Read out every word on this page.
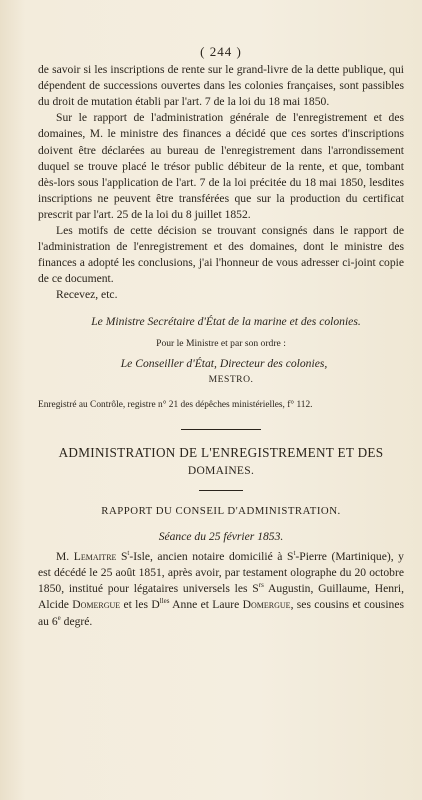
( 244 )

de savoir si les inscriptions de rente sur le grand-livre de la dette publique, qui dépendent de successions ouvertes dans les colonies françaises, sont passibles du droit de mutation établi par l'art. 7 de la loi du 18 mai 1850.

Sur le rapport de l'administration générale de l'enregistrement et des domaines, M. le ministre des finances a décidé que ces sortes d'inscriptions doivent être déclarées au bureau de l'enregistrement dans l'arrondissement duquel se trouve placé le trésor public débiteur de la rente, et que, tombant dès-lors sous l'application de l'art. 7 de la loi précitée du 18 mai 1850, lesdites inscriptions ne peuvent être transférées que sur la production du certificat prescrit par l'art. 25 de la loi du 8 juillet 1852.

Les motifs de cette décision se trouvant consignés dans le rapport de l'administration de l'enregistrement et des domaines, dont le ministre des finances a adopté les conclusions, j'ai l'honneur de vous adresser ci-joint copie de ce document.

Recevez, etc.

Le Ministre Secrétaire d'État de la marine et des colonies.
Pour le Ministre et par son ordre :
Le Conseiller d'État, Directeur des colonies,
MESTRO.
Enregistré au Contrôle, registre n° 21 des dépêches ministérielles, f° 112.
ADMINISTRATION DE L'ENREGISTREMENT ET DES
DOMAINES.
RAPPORT DU CONSEIL D'ADMINISTRATION.
Séance du 25 février 1853.

M. Lemaitre $S^t$-Isle, ancien notaire domicilié à $S^t$-Pierre (Martinique), y est décédé le 25 août 1851, après avoir, par testament olographe du 20 octobre 1850, institué pour légataires universels les $S^{rs}$ Augustin, Guillaume, Henri, Alcide Domergue et les $D^{lles}$ Anne et Laure Domergue, ses cousins et cousines au 6e degré.
